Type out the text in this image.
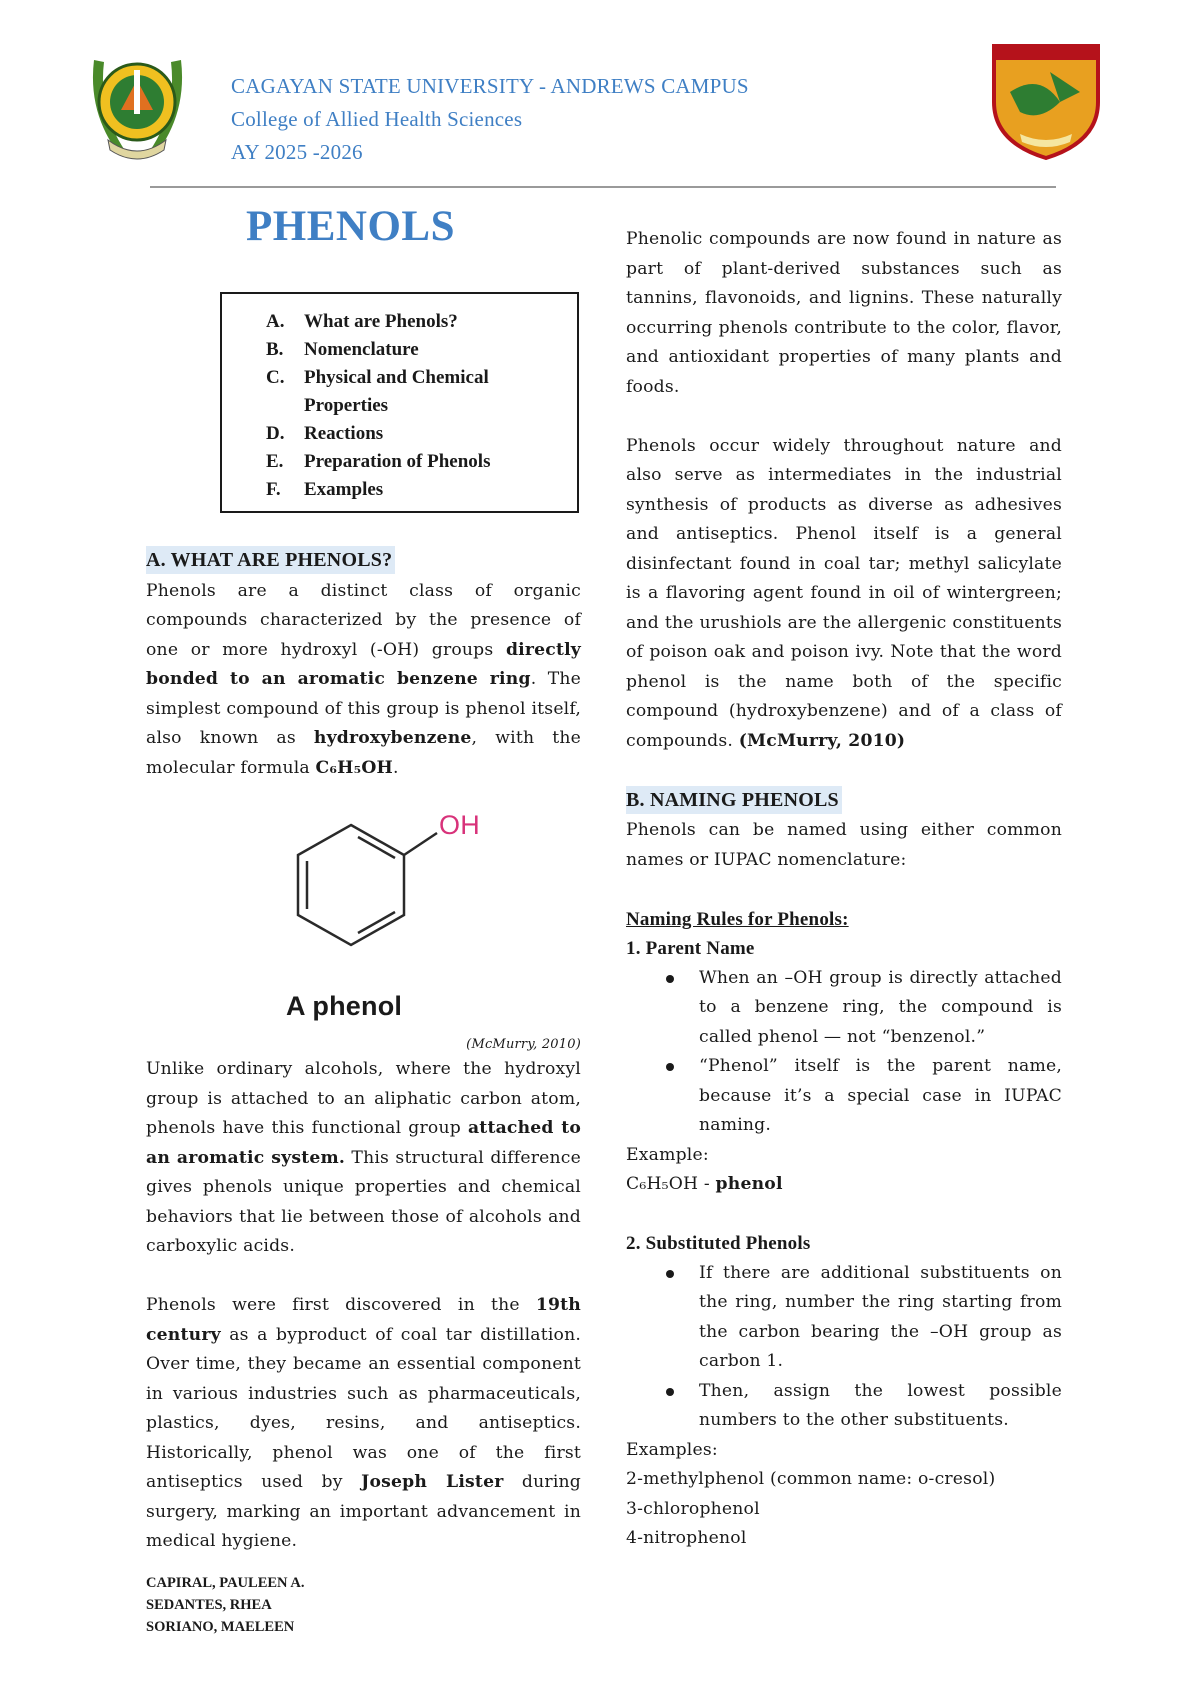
CAGAYAN STATE UNIVERSITY - ANDREWS CAMPUS
College of Allied Health Sciences
AY 2025 -2026
PHENOLS
A.	What are Phenols?
B.	Nomenclature
C.	Physical and Chemical Properties
D.	Reactions
E.	Preparation of Phenols
F.	Examples
A. WHAT ARE PHENOLS?

Phenols are a distinct class of organic compounds characterized by the presence of one or more hydroxyl (-OH) groups directly bonded to an aromatic benzene ring. The simplest compound of this group is phenol itself, also known as hydroxybenzene, with the molecular formula C₆H₅OH.

OH
A phenol
(McMurry, 2010)

Unlike ordinary alcohols, where the hydroxyl group is attached to an aliphatic carbon atom, phenols have this functional group attached to an aromatic system. This structural difference gives phenols unique properties and chemical behaviors that lie between those of alcohols and carboxylic acids.

Phenols were first discovered in the 19th century as a byproduct of coal tar distillation. Over time, they became an essential component in various industries such as pharmaceuticals, plastics, dyes, resins, and antiseptics. Historically, phenol was one of the first antiseptics used by Joseph Lister during surgery, marking an important advancement in medical hygiene.

CAPIRAL, PAULEEN A.
SEDANTES, RHEA
SORIANO, MAELEEN

Phenolic compounds are now found in nature as part of plant-derived substances such as tannins, flavonoids, and lignins. These naturally occurring phenols contribute to the color, flavor, and antioxidant properties of many plants and foods.

Phenols occur widely throughout nature and also serve as intermediates in the industrial synthesis of products as diverse as adhesives and antiseptics. Phenol itself is a general disinfectant found in coal tar; methyl salicylate is a flavoring agent found in oil of wintergreen; and the urushiols are the allergenic constituents of poison oak and poison ivy. Note that the word phenol is the name both of the specific compound (hydroxybenzene) and of a class of compounds. (McMurry, 2010)

B. NAMING PHENOLS

Phenols can be named using either common names or IUPAC nomenclature:

Naming Rules for Phenols:
1. Parent Name
When an –OH group is directly attached to a benzene ring, the compound is called phenol — not “benzenol.”
“Phenol” itself is the parent name, because it’s a special case in IUPAC naming.
Example:
C₆H₅OH - phenol
2. Substituted Phenols
If there are additional substituents on the ring, number the ring starting from the carbon bearing the –OH group as carbon 1.
Then, assign the lowest possible numbers to the other substituents.
Examples:
2-methylphenol (common name: o-cresol)
3-chlorophenol
4-nitrophenol
